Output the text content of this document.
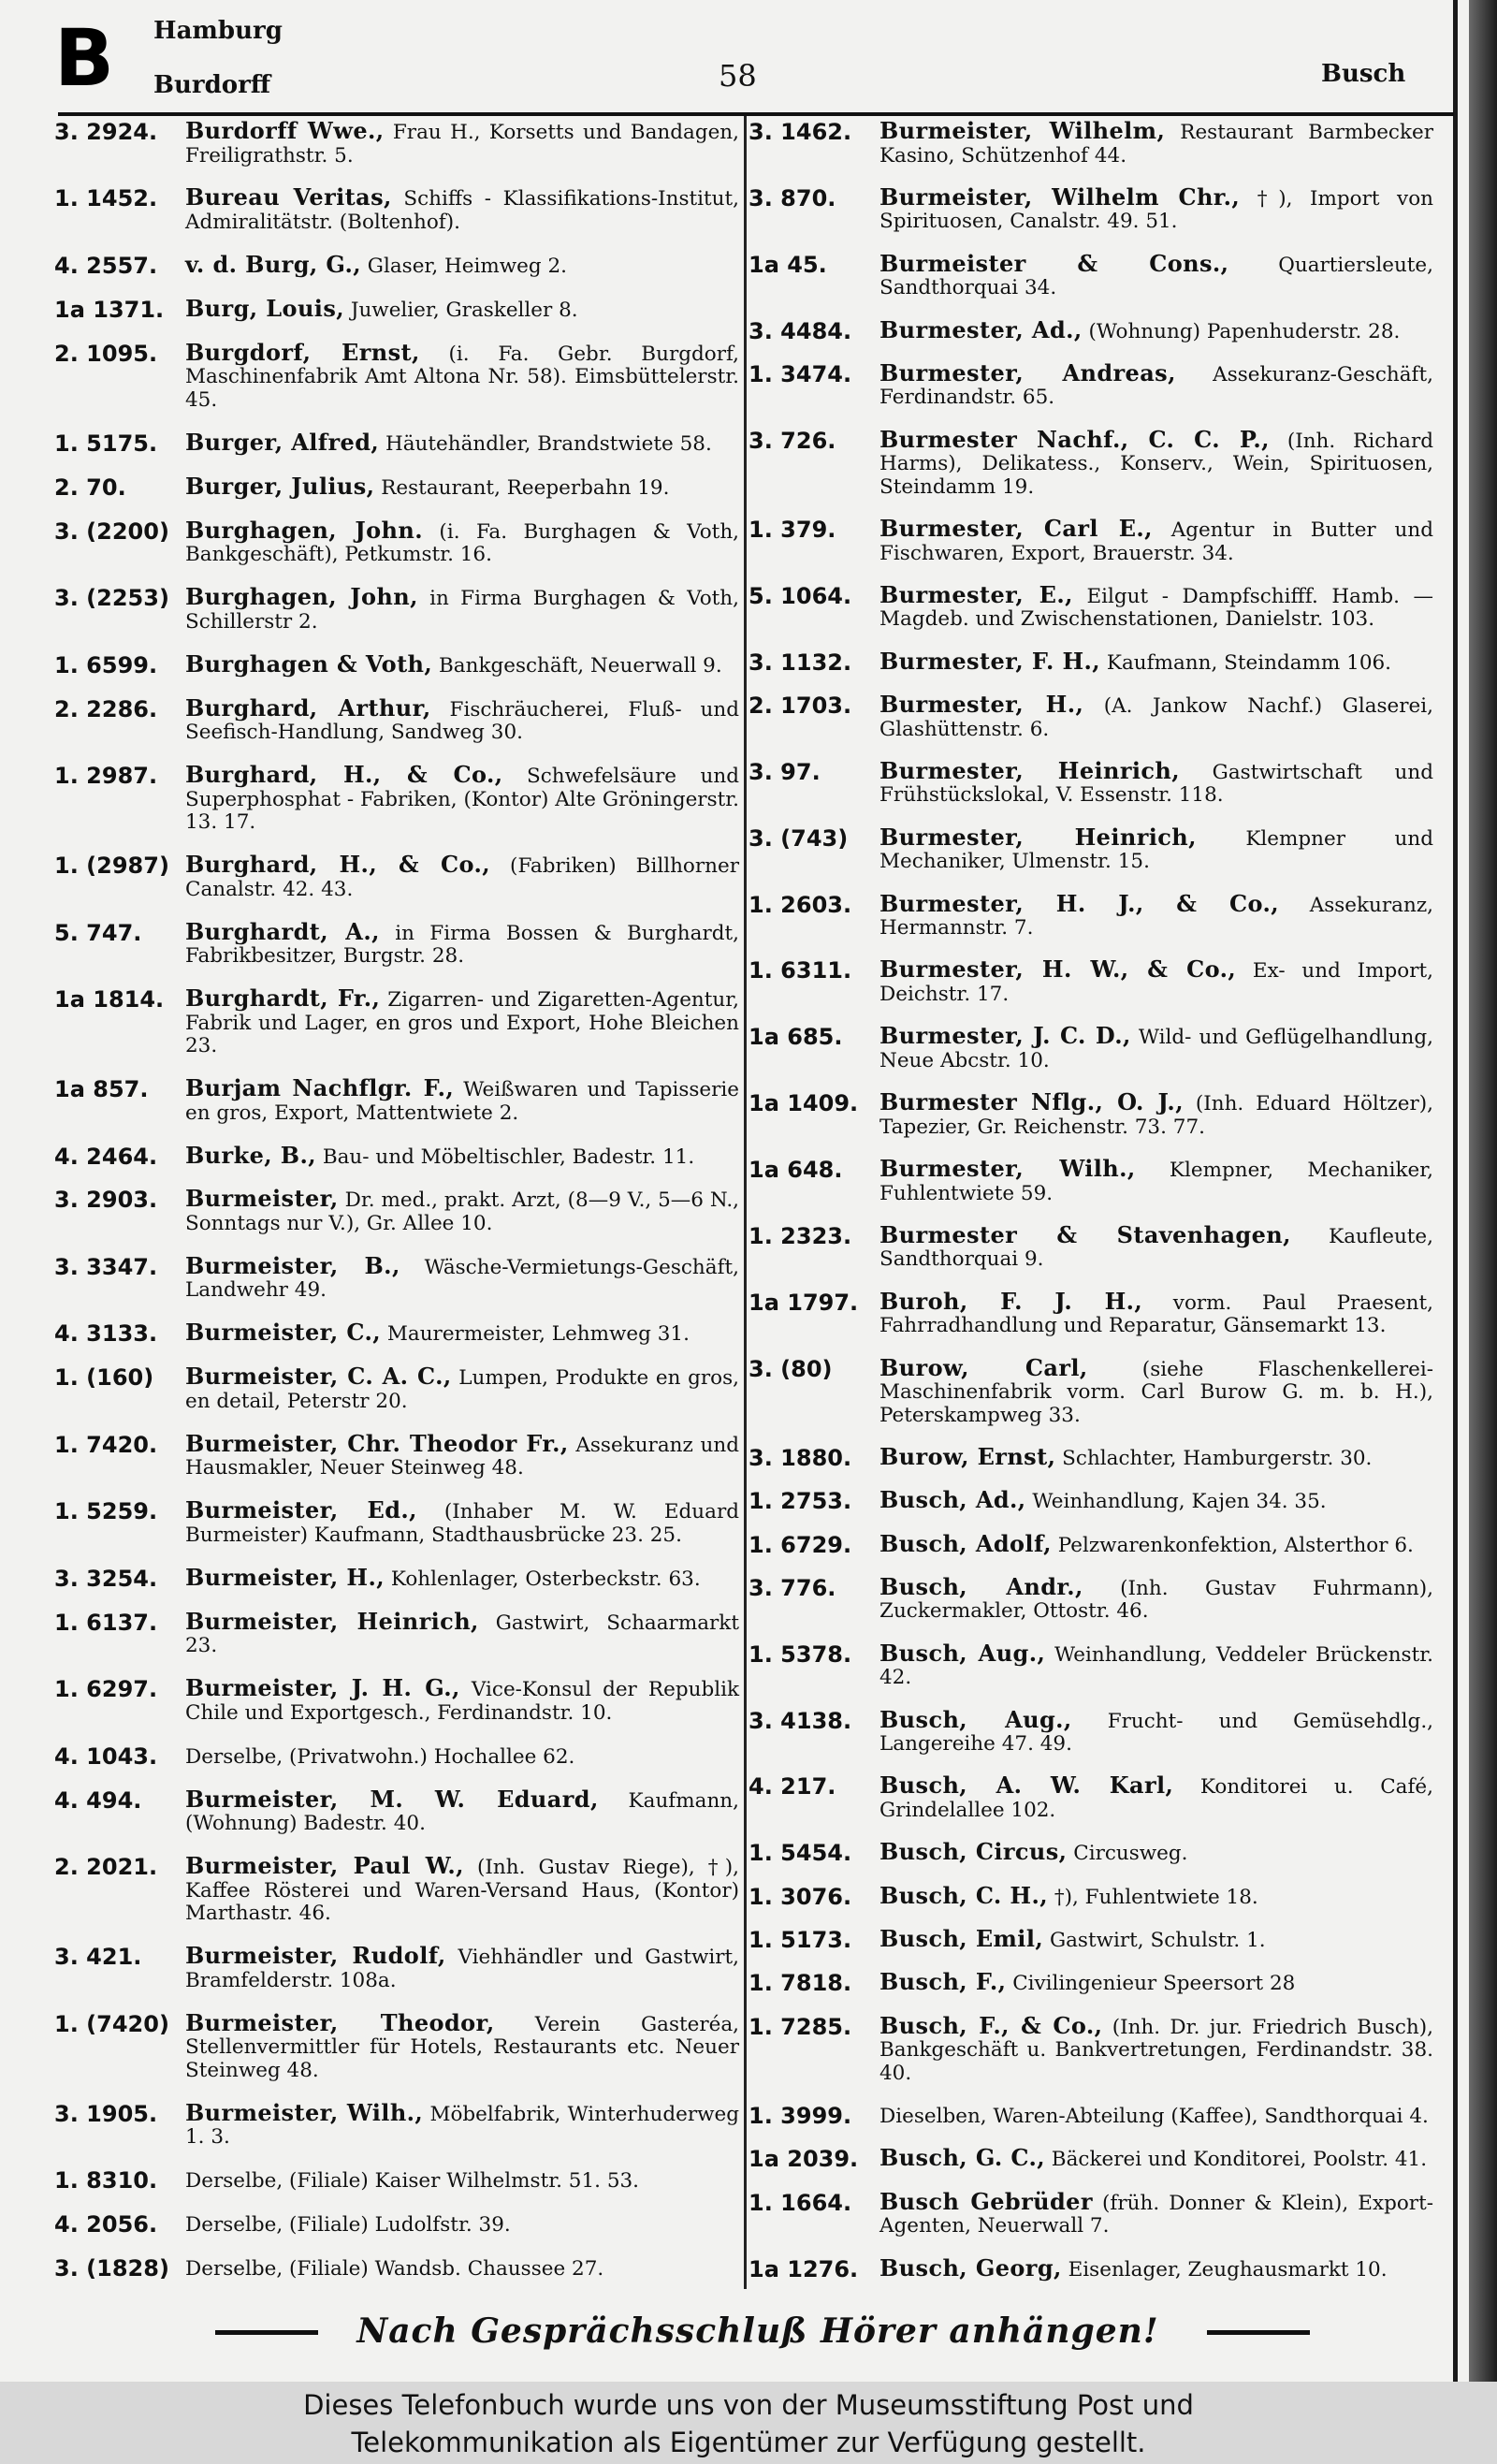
B Hamburg
Burdorff	58	Busch
3. 2924.	Burdorff Wwe., Frau H., Korsetts und Bandagen, Freiligrathstr. 5.
1. 1452.	Bureau Veritas, Schiffs - Klassifikations-Institut, Admiralitätstr. (Boltenhof).
4. 2557.	v. d. Burg, G., Glaser, Heimweg 2.
1a 1371. Burg, Louis, Juwelier, Graskeller 8.
2. 1095.	Burgdorf, Ernst, (i. Fa. Gebr. Burgdorf, Maschinenfabrik Amt Altona Nr. 58). Eimsbüttelerstr. 45.
1. 5175.	Burger, Alfred, Häutehändler, Brandstwiete 58.
2. 70.	Burger, Julius, Restaurant, Reeperbahn 19.
3. (2200) Burghagen, John. (i. Fa. Burghagen & Voth, Bankgeschäft), Petkumstr. 16.
3. (2253) Burghagen, John, in Firma Burghagen & Voth, Schillerstr 2.
1. 6599.	Burghagen & Voth, Bankgeschäft, Neuerwall 9.
2. 2286.	Burghard, Arthur, Fischräucherei, Fluß- und Seefisch-Handlung, Sandweg 30.
1. 2987.	Burghard, H., & Co., Schwefelsäure und Superphosphat - Fabriken, (Kontor) Alte Gröningerstr. 13. 17.
1. (2987) Burghard, H., & Co., (Fabriken) Billhorner Canalstr. 42. 43.
5. 747.	Burghardt, A., in Firma Bossen & Burghardt, Fabrikbesitzer, Burgstr. 28.
1a 1814. Burghardt, Fr., Zigarren- und Zigaretten-Agentur, Fabrik und Lager, en gros und Export, Hohe Bleichen 23.
1a 857.	Burjam Nachflgr. F., Weißwaren und Tapisserie en gros, Export, Mattentwiete 2.
4. 2464.	Burke, B., Bau- und Möbeltischler, Badestr. 11.
3. 2903.	Burmeister, Dr. med., prakt. Arzt, (8—9 V., 5—6 N., Sonntags nur V.), Gr. Allee 10.
3. 3347.	Burmeister, B., Wäsche-Vermietungs-Geschäft, Landwehr 49.
4. 3133.	Burmeister, C., Maurermeister, Lehmweg 31.
1. (160)	Burmeister, C. A. C., Lumpen, Produkte en gros, en detail, Peterstr 20.
1. 7420.	Burmeister, Chr. Theodor Fr., Assekuranz und Hausmakler, Neuer Steinweg 48.
1. 5259.	Burmeister, Ed., (Inhaber M. W. Eduard Burmeister) Kaufmann, Stadthausbrücke 23. 25.
3. 3254.	Burmeister, H., Kohlenlager, Osterbeckstr. 63.
1. 6137.	Burmeister, Heinrich, Gastwirt, Schaarmarkt 23.
1. 6297.	Burmeister, J. H. G., Vice-Konsul der Republik Chile und Exportgesch., Ferdinandstr. 10.
4. 1043.	Derselbe, (Privatwohn.) Hochallee 62.
4. 494.	Burmeister, M. W. Eduard, Kaufmann, (Wohnung) Badestr. 40.
2. 2021.	Burmeister, Paul W., (Inh. Gustav Riege), †), Kaffee Rösterei und Waren-Versand Haus, (Kontor) Marthastr. 46.
3. 421.	Burmeister, Rudolf, Viehhändler und Gastwirt, Bramfelderstr. 108a.
1. (7420) Burmeister, Theodor, Verein Gasteréa, Stellenvermittler für Hotels, Restaurants etc. Neuer Steinweg 48.
3. 1905.	Burmeister, Wilh., Möbelfabrik, Winterhuderweg 1. 3.
1. 8310.	Derselbe, (Filiale) Kaiser Wilhelmstr. 51. 53.
4. 2056.	Derselbe, (Filiale) Ludolfstr. 39.
3. (1828) Derselbe, (Filiale) Wandsb. Chaussee 27.
3. 1462.	Burmeister, Wilhelm, Restaurant Barmbecker Kasino, Schützenhof 44.
3. 870.	Burmeister, Wilhelm Chr., †), Import von Spirituosen, Canalstr. 49. 51.
1a 45.	Burmeister & Cons., Quartiersleute, Sandthorquai 34.
3. 4484.	Burmester, Ad., (Wohnung) Papenhuderstr. 28.
1. 3474.	Burmester, Andreas, Assekuranz-Geschäft, Ferdinandstr. 65.
3. 726.	Burmester Nachf., C. C. P., (Inh. Richard Harms), Delikatess., Konserv., Wein, Spirituosen, Steindamm 19.
1. 379.	Burmester, Carl E., Agentur in Butter und Fischwaren, Export, Brauerstr. 34.
5. 1064.	Burmester, E., Eilgut - Dampfschifff. Hamb. — Magdeb. und Zwischenstationen, Danielstr. 103.
3. 1132.	Burmester, F. H., Kaufmann, Steindamm 106.
2. 1703.	Burmester, H., (A. Jankow Nachf.) Glaserei, Glashüttenstr. 6.
3. 97.	Burmester, Heinrich, Gastwirtschaft und Frühstückslokal, V. Essenstr. 118.
3. (743)	Burmester, Heinrich, Klempner und Mechaniker, Ulmenstr. 15.
1. 2603.	Burmester, H. J., & Co., Assekuranz, Hermannstr. 7.
1. 6311.	Burmester, H. W., & Co., Ex- und Import, Deichstr. 17.
1a 685.	Burmester, J. C. D., Wild- und Geflügelhandlung, Neue Abcstr. 10.
1a 1409. Burmester Nflg., O. J., (Inh. Eduard Höltzer), Tapezier, Gr. Reichenstr. 73. 77.
1a 648.	Burmester, Wilh., Klempner, Mechaniker, Fuhlentwiete 59.
1. 2323.	Burmester & Stavenhagen, Kaufleute, Sandthorquai 9.
1a 1797. Buroh, F. J. H., vorm. Paul Praesent, Fahrradhandlung und Reparatur, Gänsemarkt 13.
3. (80)	Burow, Carl, (siehe Flaschenkellerei-Maschinenfabrik vorm. Carl Burow G. m. b. H.), Peterskampweg 33.
3. 1880.	Burow, Ernst, Schlachter, Hamburgerstr. 30.
1. 2753.	Busch, Ad., Weinhandlung, Kajen 34. 35.
1. 6729.	Busch, Adolf, Pelzwarenkonfektion, Alsterthor 6.
3. 776.	Busch, Andr., (Inh. Gustav Fuhrmann), Zuckermakler, Ottostr. 46.
1. 5378.	Busch, Aug., Weinhandlung, Veddeler Brückenstr. 42.
3. 4138.	Busch, Aug., Frucht- und Gemüsehdlg., Langereihe 47. 49.
4. 217.	Busch, A. W. Karl, Konditorei u. Café, Grindelallee 102.
1. 5454.	Busch, Circus, Circusweg.
1. 3076.	Busch, C. H., †), Fuhlentwiete 18.
1. 5173.	Busch, Emil, Gastwirt, Schulstr. 1.
1. 7818.	Busch, F., Civilingenieur Speersort 28
1. 7285.	Busch, F., & Co., (Inh. Dr. jur. Friedrich Busch), Bankgeschäft u. Bankvertretungen, Ferdinandstr. 38. 40.
1. 3999.	Dieselben, Waren-Abteilung (Kaffee), Sandthorquai 4.
1a 2039. Busch, G. C., Bäckerei und Konditorei, Poolstr. 41.
1. 1664.	Busch Gebrüder (früh. Donner & Klein), Export-Agenten, Neuerwall 7.
1a 1276. Busch, Georg, Eisenlager, Zeughausmarkt 10.
Nach Gesprächsschluß Hörer anhängen!
Dieses Telefonbuch wurde uns von der Museumsstiftung Post und
Telekommunikation als Eigentümer zur Verfügung gestellt.
